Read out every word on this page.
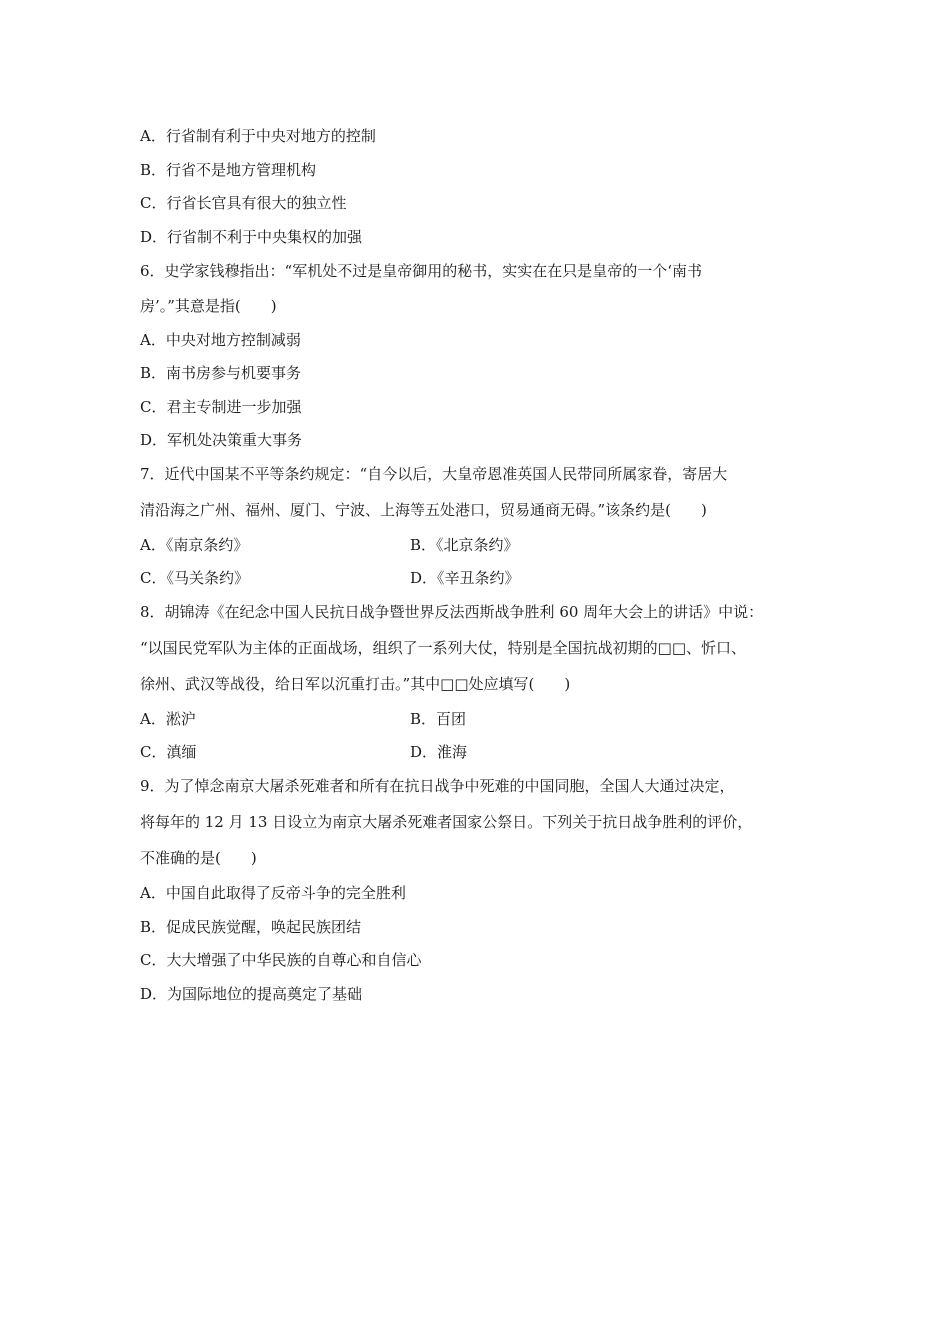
A．行省制有利于中央对地方的控制
B．行省不是地方管理机构
C．行省长官具有很大的独立性
D．行省制不利于中央集权的加强
6．史学家钱穆指出：“军机处不过是皇帝御用的秘书，实实在在只是皇帝的一个‘南书
房’。”其意是指(　　)
A．中央对地方控制减弱
B．南书房参与机要事务
C．君主专制进一步加强
D．军机处决策重大事务
7．近代中国某不平等条约规定：“自今以后，大皇帝恩准英国人民带同所属家眷，寄居大
清沿海之广州、福州、厦门、宁波、上海等五处港口，贸易通商无碍。”该条约是(　　)
A．《南京条约》	B．《北京条约》
C．《马关条约》	D．《辛丑条约》
8．胡锦涛《在纪念中国人民抗日战争暨世界反法西斯战争胜利 60 周年大会上的讲话》中说：
“以国民党军队为主体的正面战场，组织了一系列大仗，特别是全国抗战初期的□□、忻口、
徐州、武汉等战役，给日军以沉重打击。”其中□□处应填写(　　)
A．淞沪	B．百团
C．滇缅	D．淮海
9．为了悼念南京大屠杀死难者和所有在抗日战争中死难的中国同胞，全国人大通过决定，
将每年的 12 月 13 日设立为南京大屠杀死难者国家公祭日。下列关于抗日战争胜利的评价，
不准确的是(　　)
A．中国自此取得了反帝斗争的完全胜利
B．促成民族觉醒，唤起民族团结
C．大大增强了中华民族的自尊心和自信心
D．为国际地位的提高奠定了基础
